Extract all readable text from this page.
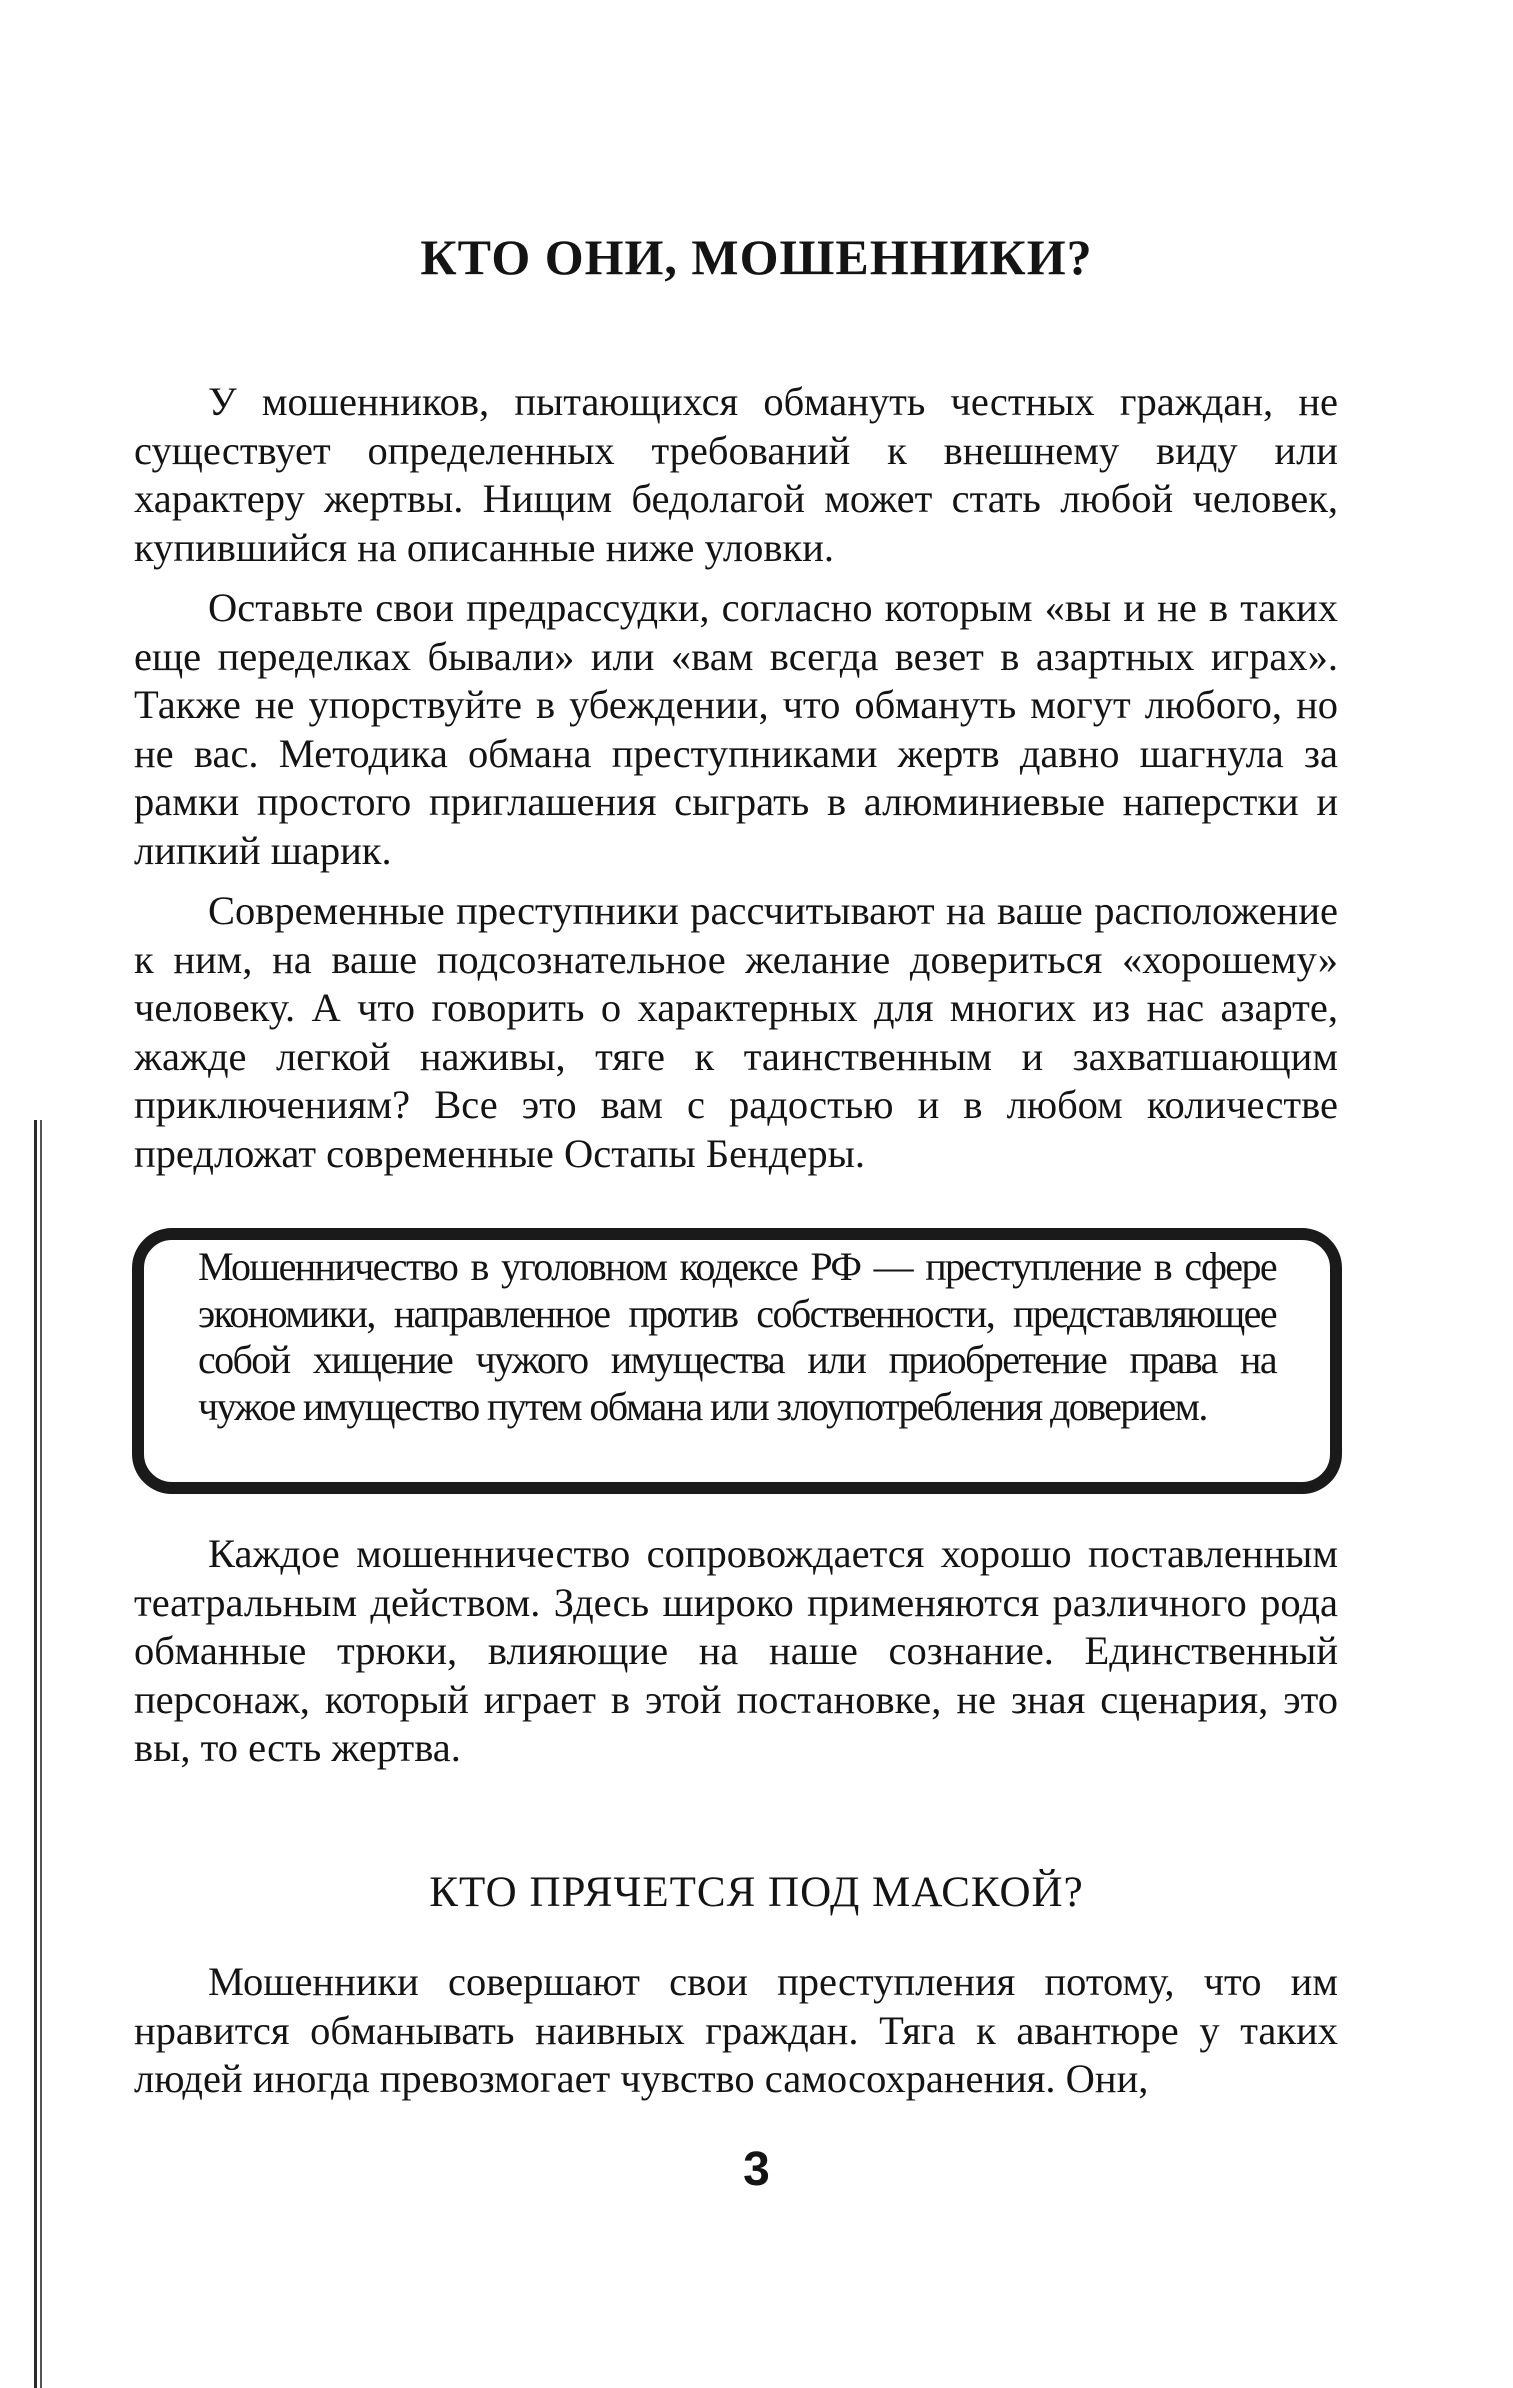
КТО ОНИ, МОШЕННИКИ?

У мошенников, пытающихся обмануть честных граждан, не существует определенных требований к внешнему виду или характеру жертвы. Нищим бедолагой может стать любой человек, купившийся на описанные ниже уловки.

Оставьте свои предрассудки, согласно которым «вы и не в таких еще переделках бывали» или «вам всегда везет в азартных играх». Также не упорствуйте в убеждении, что обмануть могут любого, но не вас. Методика обмана преступниками жертв давно шагнула за рамки простого приглашения сыграть в алюминиевые наперстки и липкий шарик.

Современные преступники рассчитывают на ваше расположение к ним, на ваше подсознательное желание довериться «хорошему» человеку. А что говорить о характерных для многих из нас азарте, жажде легкой наживы, тяге к таинственным и захватшающим приключениям? Все это вам с радостью и в любом количестве предложат современные Остапы Бендеры.

Мошенничество в уголовном кодексе РФ — преступление в сфере экономики, направленное против собственности, представляющее собой хищение чужого имущества или приобретение права на чужое имущество путем обмана или злоупотребления доверием.

Каждое мошенничество сопровождается хорошо поставленным театральным действом. Здесь широко применяются различного рода обманные трюки, влияющие на наше сознание. Единственный персонаж, который играет в этой постановке, не зная сценария, это вы, то есть жертва.

КТО ПРЯЧЕТСЯ ПОД МАСКОЙ?

Мошенники совершают свои преступления потому, что им нравится обманывать наивных граждан. Тяга к авантюре у таких людей иногда превозмогает чувство самосохранения. Они,

3
